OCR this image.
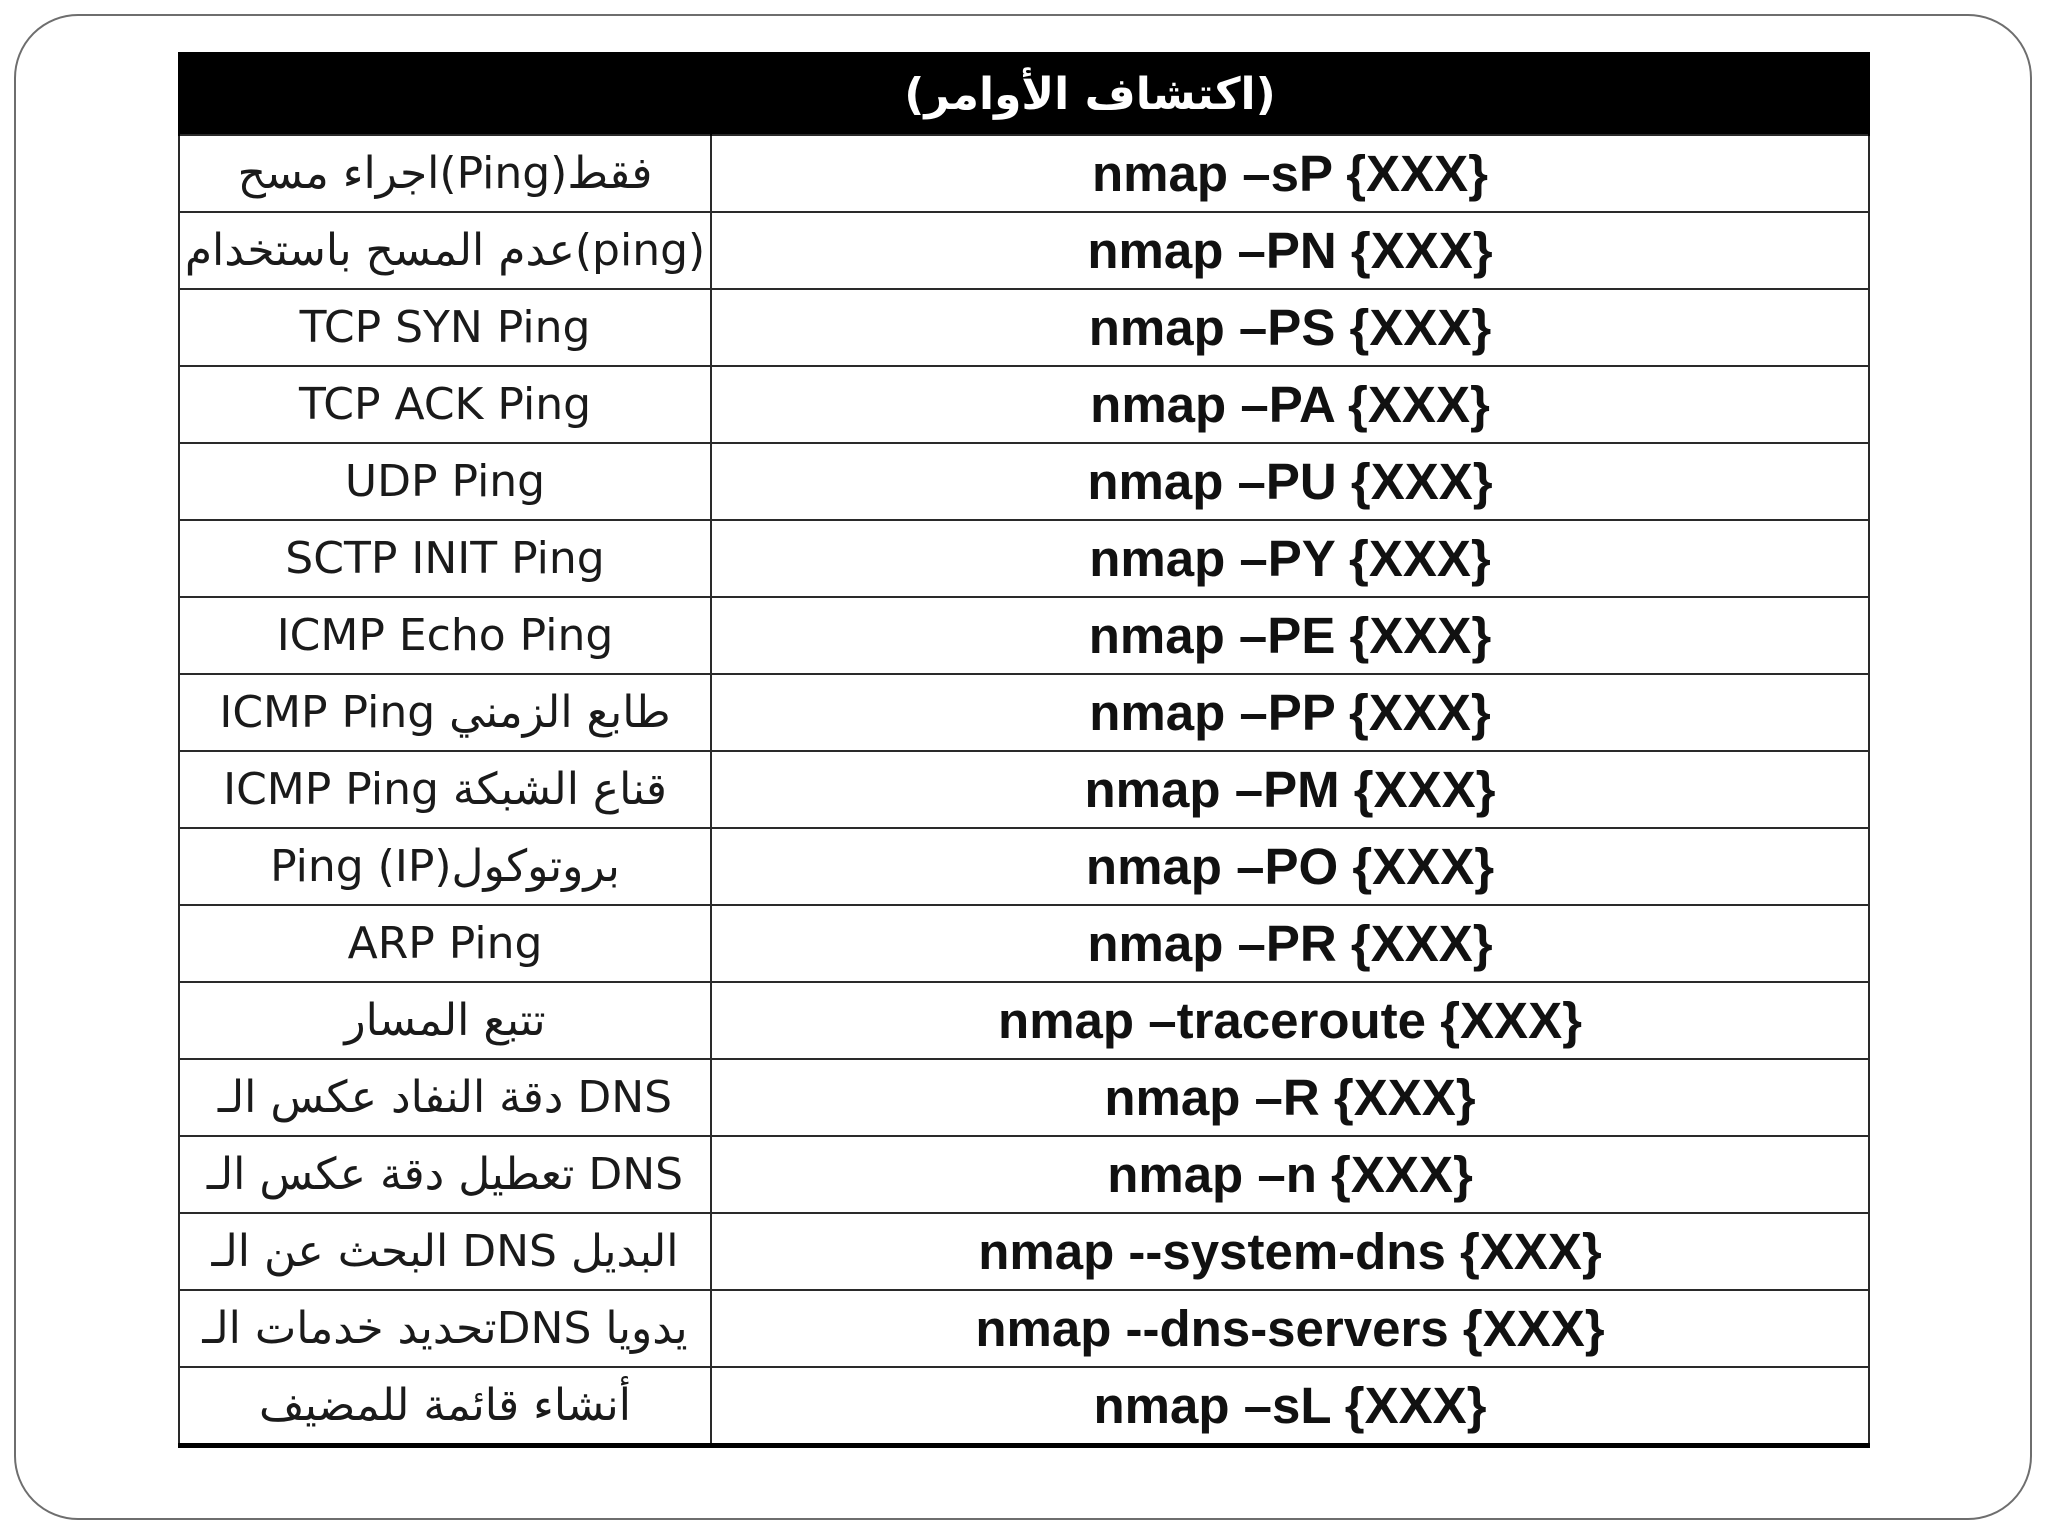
	(اكتشاف الأوامر)
اجراء مسح(Ping)فقط	nmap –sP {XXX}
عدم المسح باستخدام(ping)	nmap –PN {XXX}
TCP SYN Ping	nmap –PS {XXX}
TCP ACK Ping	nmap –PA {XXX}
UDP Ping	nmap –PU {XXX}
SCTP INIT Ping	nmap –PY {XXX}
ICMP Echo Ping	nmap –PE {XXX}
ICMP Ping طابع الزمني	nmap –PP {XXX}
ICMP Ping قناع الشبكة	nmap –PM {XXX}
Ping (IP)بروتوكول	nmap –PO {XXX}
ARP Ping	nmap –PR {XXX}
تتبع المسار	nmap –traceroute {XXX}
دقة النفاد عكس الـ DNS	nmap –R {XXX}
تعطيل دقة عكس الـ DNS	nmap –n {XXX}
البحث عن الـ DNS البديل	nmap --system-dns {XXX}
تحديد خدمات الـDNS يدويا	nmap --dns-servers {XXX}
أنشاء قائمة للمضيف	nmap –sL {XXX}
